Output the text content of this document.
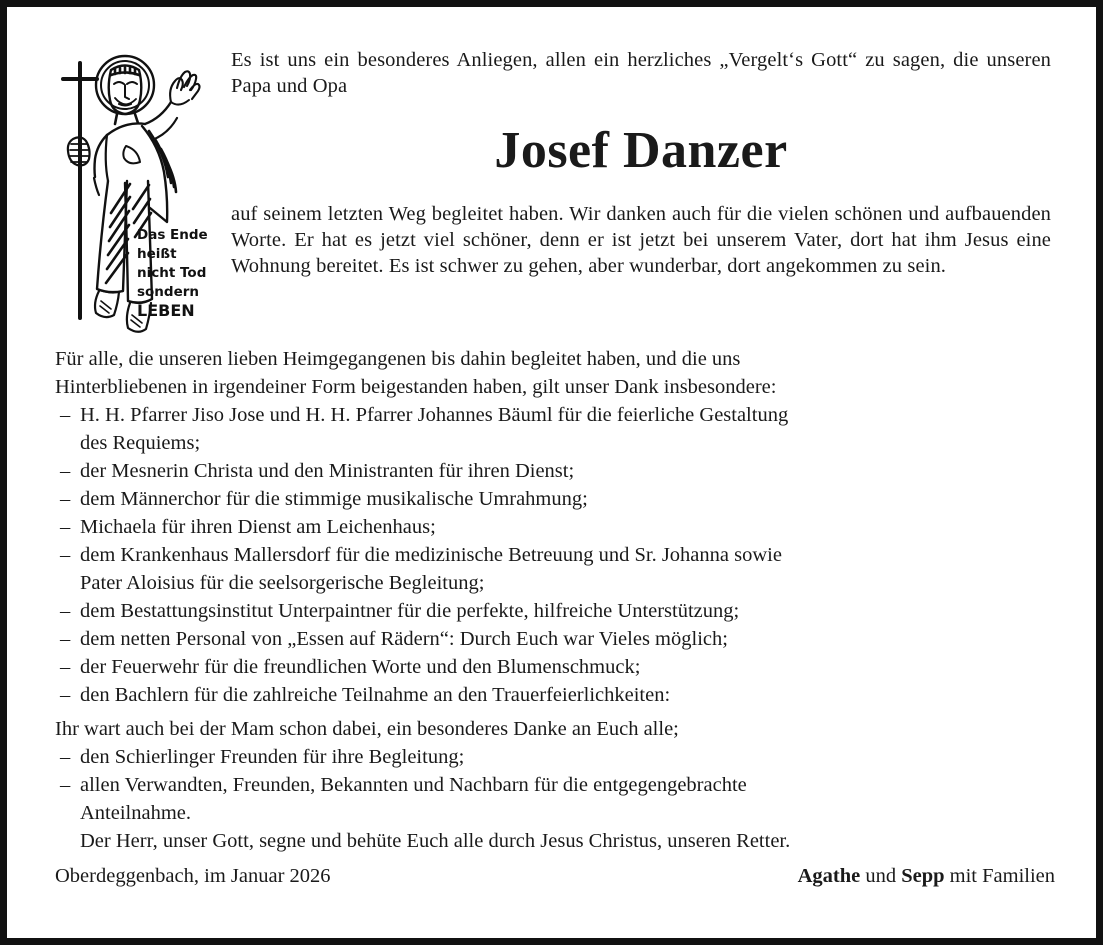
Das Ende
heißt
nicht Tod
sondern
LEBEN

Es ist uns ein besonderes Anliegen, allen ein herzliches „Vergelt‘s Gott“ zu sagen, die unseren Papa und Opa

Josef Danzer

auf seinem letzten Weg begleitet haben. Wir danken auch für die vielen schönen und aufbauenden Worte. Er hat es jetzt viel schöner, denn er ist jetzt bei unserem Vater, dort hat ihm Jesus eine Wohnung bereitet. Es ist schwer zu gehen, aber wunderbar, dort angekommen zu sein.

Für alle, die unseren lieben Heimgegangenen bis dahin begleitet haben, und die uns

Hinterbliebenen in irgendeiner Form beigestanden haben, gilt unser Dank insbesondere:

– H. H. Pfarrer Jiso Jose und H. H. Pfarrer Johannes Bäuml für die feierliche Gestaltung
des Requiems;
– der Mesnerin Christa und den Ministranten für ihren Dienst;
– dem Männerchor für die stimmige musikalische Umrahmung;
– Michaela für ihren Dienst am Leichenhaus;
– dem Krankenhaus Mallersdorf für die medizinische Betreuung und Sr. Johanna sowie
Pater Aloisius für die seelsorgerische Begleitung;
– dem Bestattungsinstitut Unterpaintner für die perfekte, hilfreiche Unterstützung;
– dem netten Personal von „Essen auf Rädern“: Durch Euch war Vieles möglich;
– der Feuerwehr für die freundlichen Worte und den Blumenschmuck;
– den Bachlern für die zahlreiche Teilnahme an den Trauerfeierlichkeiten:

Ihr wart auch bei der Mam schon dabei, ein besonderes Danke an Euch alle;

– den Schierlinger Freunden für ihre Begleitung;
– allen Verwandten, Freunden, Bekannten und Nachbarn für die entgegengebrachte
Anteilnahme.

Der Herr, unser Gott, segne und behüte Euch alle durch Jesus Christus, unseren Retter.

Oberdeggenbach, im Januar 2026	Agathe und Sepp mit Familien
